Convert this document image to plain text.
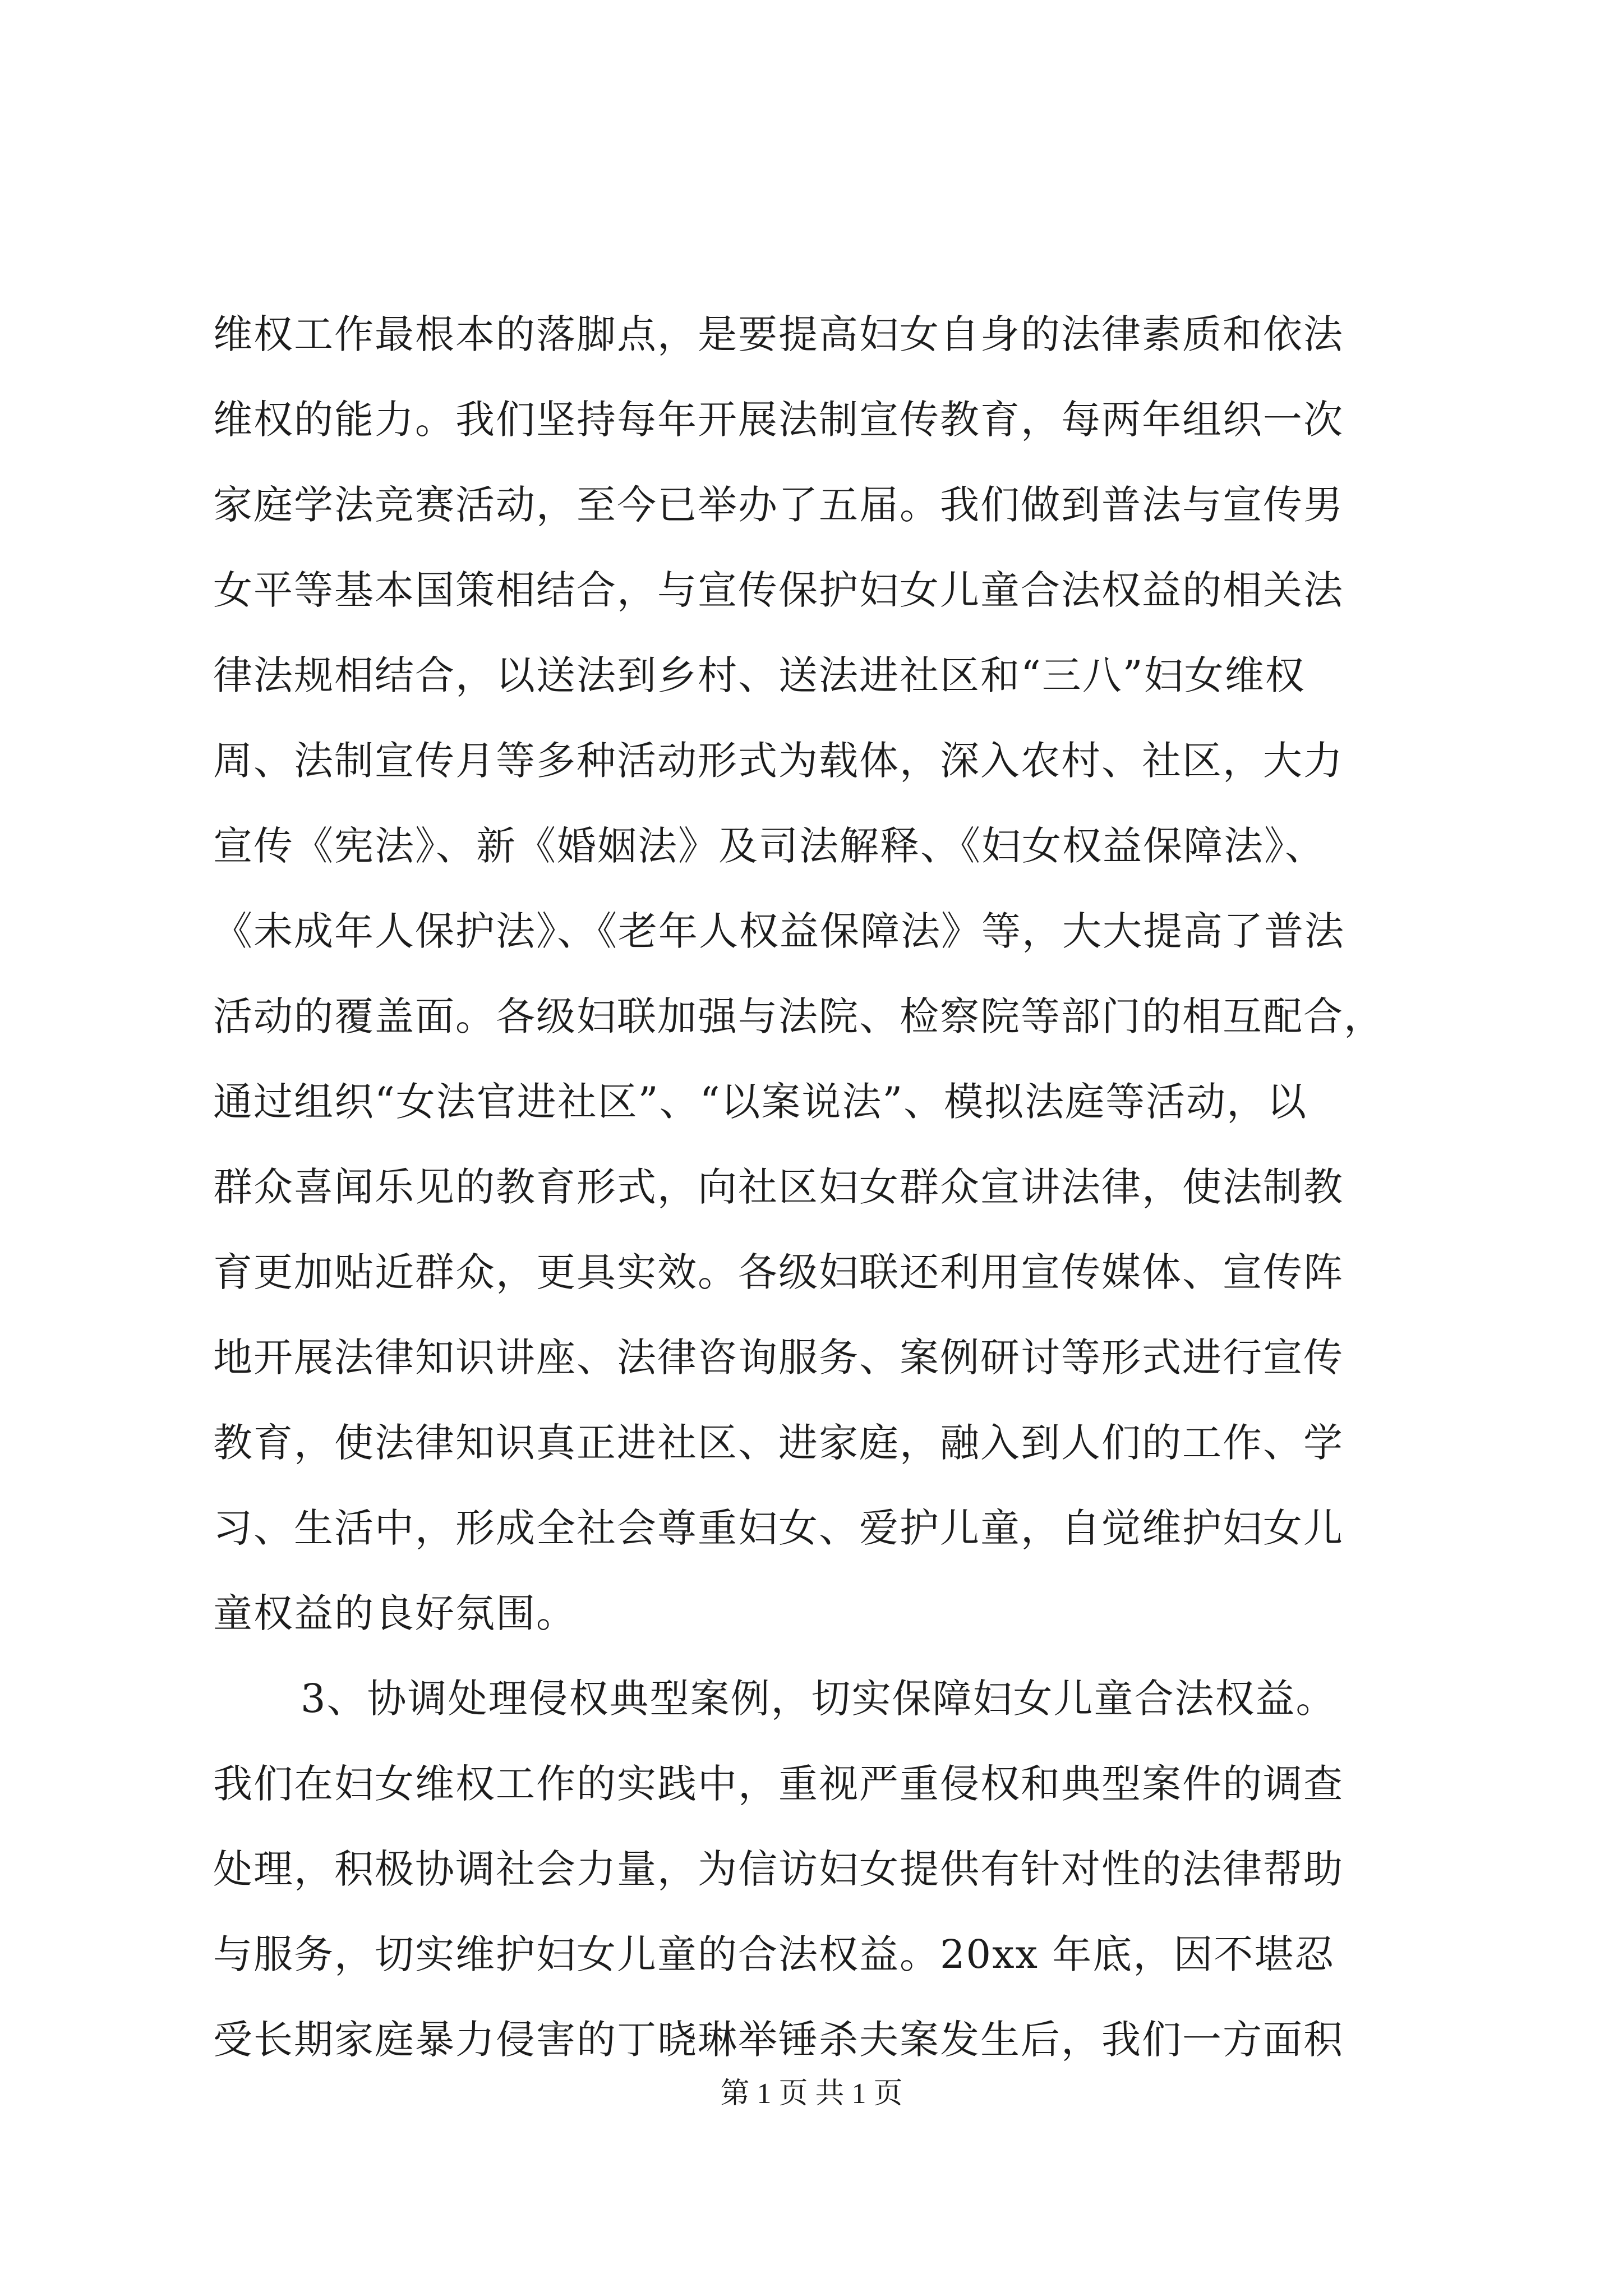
维权工作最根本的落脚点，是要提高妇女自身的法律素质和依法
维权的能力。我们坚持每年开展法制宣传教育，每两年组织一次
家庭学法竞赛活动，至今已举办了五届。我们做到普法与宣传男
女平等基本国策相结合，与宣传保护妇女儿童合法权益的相关法
律法规相结合，以送法到乡村、送法进社区和“三八”妇女维权
周、法制宣传月等多种活动形式为载体，深入农村、社区，大力
宣传《宪法》、新《婚姻法》及司法解释、《妇女权益保障法》、
《未成年人保护法》、《老年人权益保障法》等，大大提高了普法
活动的覆盖面。各级妇联加强与法院、检察院等部门的相互配合，
通过组织“女法官进社区”、“以案说法”、模拟法庭等活动，以
群众喜闻乐见的教育形式，向社区妇女群众宣讲法律，使法制教
育更加贴近群众，更具实效。各级妇联还利用宣传媒体、宣传阵
地开展法律知识讲座、法律咨询服务、案例研讨等形式进行宣传
教育，使法律知识真正进社区、进家庭，融入到人们的工作、学
习、生活中，形成全社会尊重妇女、爱护儿童，自觉维护妇女儿
童权益的良好氛围。
3、协调处理侵权典型案例，切实保障妇女儿童合法权益。
我们在妇女维权工作的实践中，重视严重侵权和典型案件的调查
处理，积极协调社会力量，为信访妇女提供有针对性的法律帮助
与服务，切实维护妇女儿童的合法权益。20xx 年底，因不堪忍
受长期家庭暴力侵害的丁晓琳举锤杀夫案发生后，我们一方面积
第 1 页 共 1 页
